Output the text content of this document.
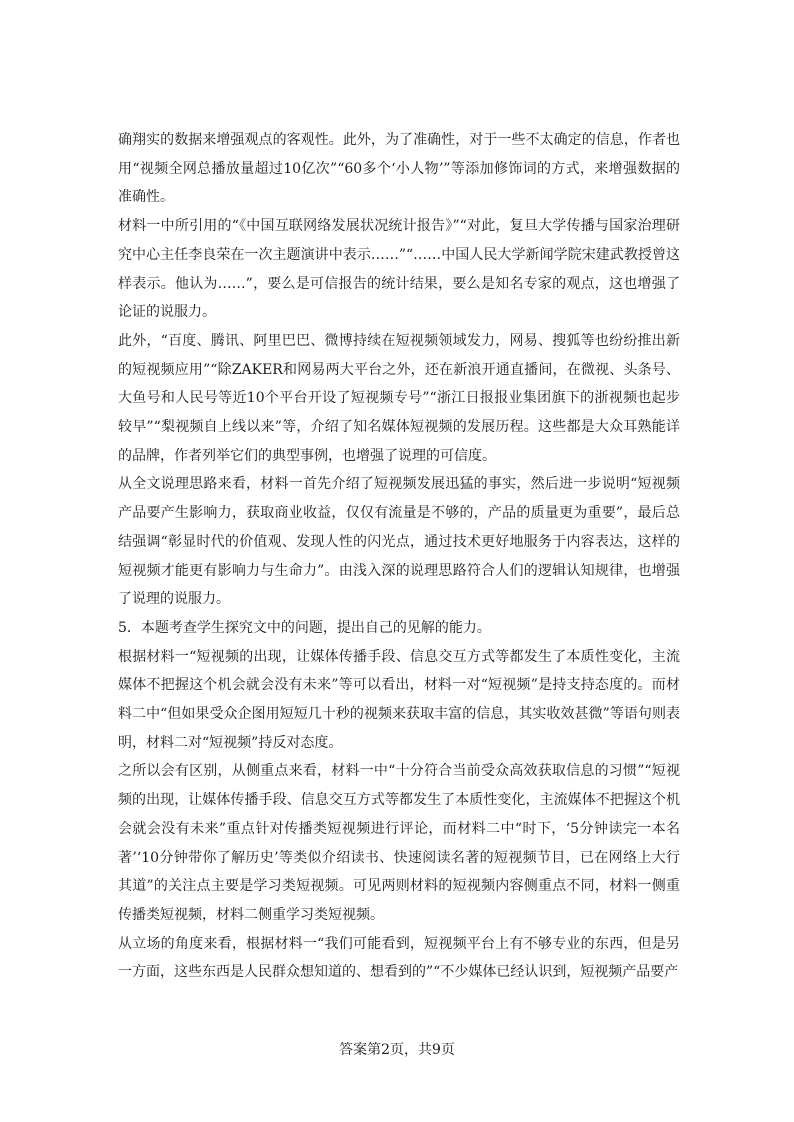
确翔实的数据来增强观点的客观性。此外，为了准确性，对于一些不太确定的信息，作者也用“视频全网总播放量超过10亿次”“60多个‘小人物’”等添加修饰词的方式，来增强数据的准确性。

材料一中所引用的“《中国互联网络发展状况统计报告》”“对此，复旦大学传播与国家治理研究中心主任李良荣在一次主题演讲中表示……”“……中国人民大学新闻学院宋建武教授曾这样表示。他认为……”，要么是可信报告的统计结果，要么是知名专家的观点，这也增强了论证的说服力。

此外，“百度、腾讯、阿里巴巴、微博持续在短视频领域发力，网易、搜狐等也纷纷推出新的短视频应用”“除ZAKER和网易两大平台之外，还在新浪开通直播间，在微视、头条号、大鱼号和人民号等近10个平台开设了短视频专号”“浙江日报报业集团旗下的浙视频也起步较早”“梨视频自上线以来”等，介绍了知名媒体短视频的发展历程。这些都是大众耳熟能详的品牌，作者列举它们的典型事例，也增强了说理的可信度。

从全文说理思路来看，材料一首先介绍了短视频发展迅猛的事实，然后进一步说明“短视频产品要产生影响力，获取商业收益，仅仅有流量是不够的，产品的质量更为重要”，最后总结强调“彰显时代的价值观、发现人性的闪光点，通过技术更好地服务于内容表达，这样的短视频才能更有影响力与生命力”。由浅入深的说理思路符合人们的逻辑认知规律，也增强了说理的说服力。

5．本题考查学生探究文中的问题，提出自己的见解的能力。

根据材料一“短视频的出现，让媒体传播手段、信息交互方式等都发生了本质性变化，主流媒体不把握这个机会就会没有未来”等可以看出，材料一对“短视频”是持支持态度的。而材料二中“但如果受众企图用短短几十秒的视频来获取丰富的信息，其实收效甚微”等语句则表明，材料二对“短视频”持反对态度。

之所以会有区别，从侧重点来看，材料一中“十分符合当前受众高效获取信息的习惯”“短视频的出现，让媒体传播手段、信息交互方式等都发生了本质性变化，主流媒体不把握这个机会就会没有未来”重点针对传播类短视频进行评论，而材料二中“时下，‘5分钟读完一本名著’‘10分钟带你了解历史’等类似介绍读书、快速阅读名著的短视频节目，已在网络上大行其道”的关注点主要是学习类短视频。可见两则材料的短视频内容侧重点不同，材料一侧重传播类短视频，材料二侧重学习类短视频。

从立场的角度来看，根据材料一“我们可能看到，短视频平台上有不够专业的东西，但是另一方面，这些东西是人民群众想知道的、想看到的”“不少媒体已经认识到，短视频产品要产

答案第2页，共9页
